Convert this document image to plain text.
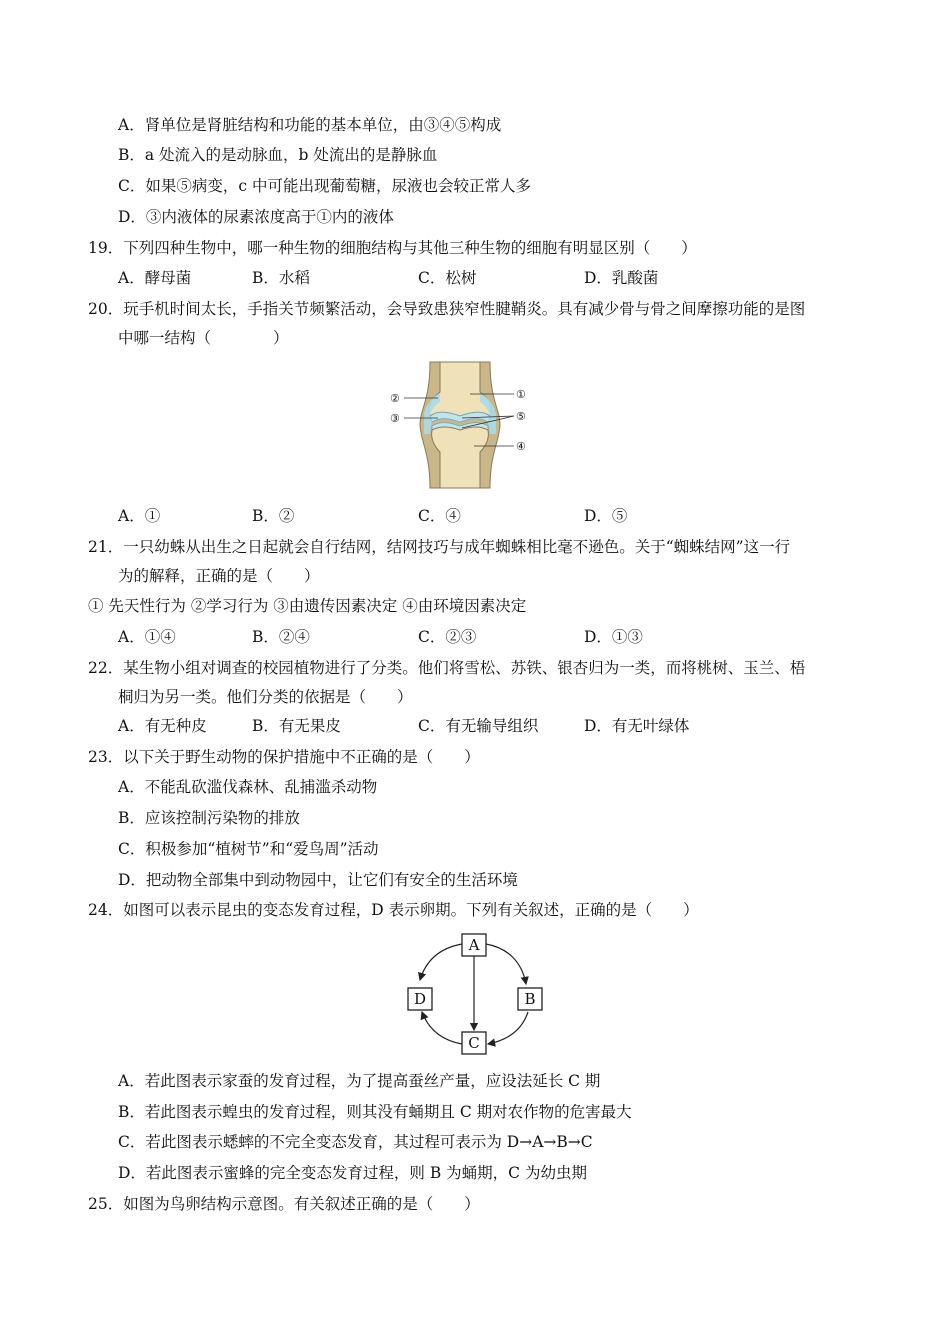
A．肾单位是肾脏结构和功能的基本单位，由③④⑤构成
B．a 处流入的是动脉血，b 处流出的是静脉血
C．如果⑤病变，c 中可能出现葡萄糖，尿液也会较正常人多
D．③内液体的尿素浓度高于①内的液体
19．下列四种生物中，哪一种生物的细胞结构与其他三种生物的细胞有明显区别（　　）
A．酵母菌	B．水稻	C．松树	D．乳酸菌
20．玩手机时间太长，手指关节频繁活动，会导致患狭窄性腱鞘炎。具有减少骨与骨之间摩擦功能的是图
中哪一结构（　　　　）
②
③
①
⑤
④
A．①	B．②	C．④	D．⑤
21．一只幼蛛从出生之日起就会自行结网，结网技巧与成年蜘蛛相比毫不逊色。关于“蜘蛛结网”这一行
为的解释，正确的是（　　）
① 先天性行为 ②学习行为 ③由遗传因素决定 ④由环境因素决定
A．①④	B．②④	C．②③	D．①③
22．某生物小组对调查的校园植物进行了分类。他们将雪松、苏铁、银杏归为一类，而将桃树、玉兰、梧
桐归为另一类。他们分类的依据是（　　）
A．有无种皮	B．有无果皮	C．有无输导组织	D．有无叶绿体
23．以下关于野生动物的保护措施中不正确的是（　　）
A．不能乱砍滥伐森林、乱捕滥杀动物
B．应该控制污染物的排放
C．积极参加“植树节”和“爱鸟周”活动
D．把动物全部集中到动物园中，让它们有安全的生活环境
24．如图可以表示昆虫的变态发育过程，D 表示卵期。下列有关叙述，正确的是（　　）
A
B
C
D
A．若此图表示家蚕的发育过程，为了提高蚕丝产量，应设法延长 C 期
B．若此图表示蝗虫的发育过程，则其没有蛹期且 C 期对农作物的危害最大
C．若此图表示蟋蟀的不完全变态发育，其过程可表示为 D→A→B→C
D．若此图表示蜜蜂的完全变态发育过程，则 B 为蛹期，C 为幼虫期
25．如图为鸟卵结构示意图。有关叙述正确的是（　　）
